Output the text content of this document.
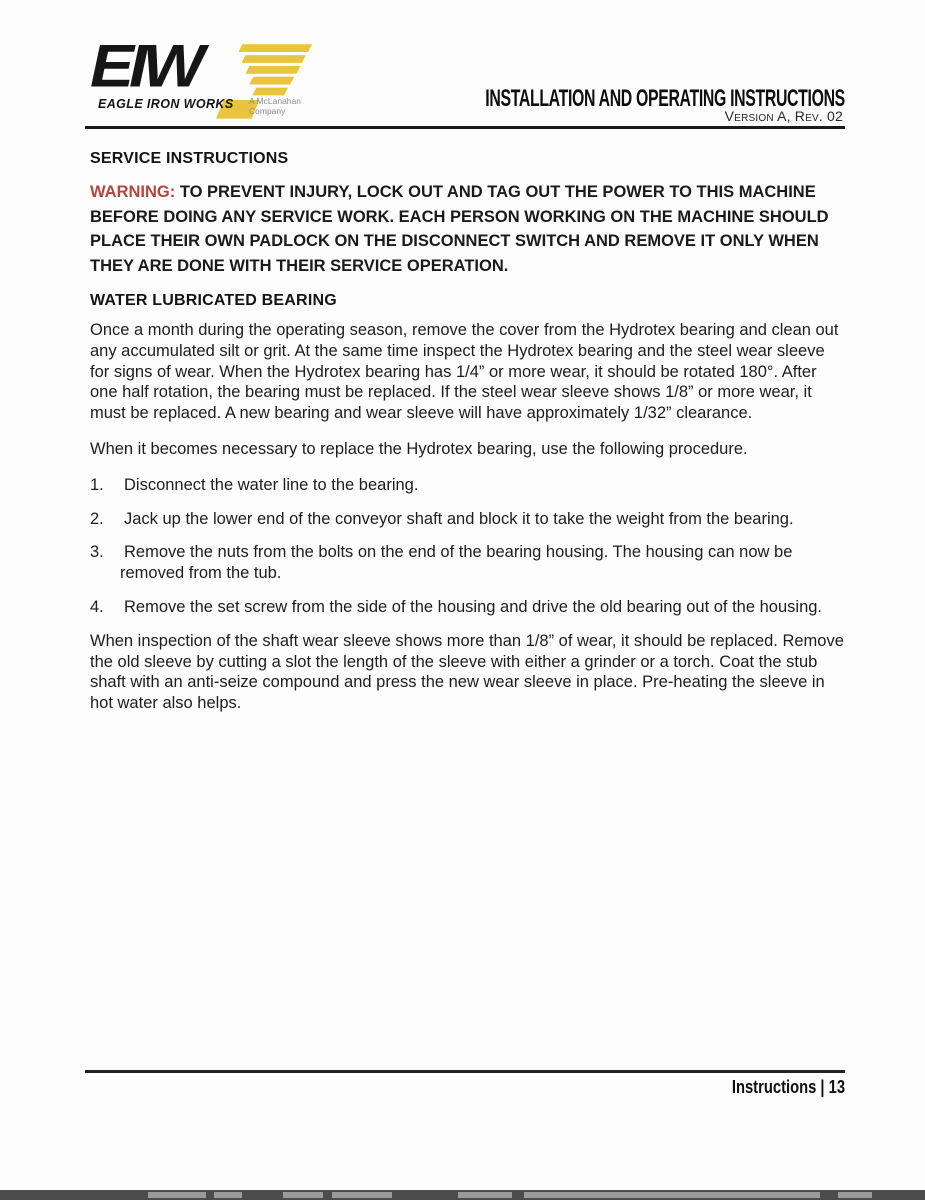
INSTALLATION AND OPERATING INSTRUCTIONS
Version A, Rev. 02
EIW
EAGLE IRON WORKS A McLanahan
Company
SERVICE INSTRUCTIONS

WARNING: TO PREVENT INJURY, LOCK OUT AND TAG OUT THE POWER TO THIS MACHINE BEFORE DOING ANY SERVICE WORK. EACH PERSON WORKING ON THE MACHINE SHOULD PLACE THEIR OWN PADLOCK ON THE DISCONNECT SWITCH AND REMOVE IT ONLY WHEN THEY ARE DONE WITH THEIR SERVICE OPERATION.

WATER LUBRICATED BEARING

Once a month during the operating season, remove the cover from the Hydrotex bearing and clean out any accumulated silt or grit. At the same time inspect the Hydrotex bearing and the steel wear sleeve for signs of wear. When the Hydrotex bearing has 1/4” or more wear, it should be rotated 180°. After one half rotation, the bearing must be replaced. If the steel wear sleeve shows 1/8” or more wear, it must be replaced. A new bearing and wear sleeve will have approximately 1/32” clearance.

When it becomes necessary to replace the Hydrotex bearing, use the following procedure.

1.	Disconnect the water line to the bearing.
2.	Jack up the lower end of the conveyor shaft and block it to take the weight from the bearing.
3.	Remove the nuts from the bolts on the end of the bearing housing. The housing can now be removed from the tub.
4.	Remove the set screw from the side of the housing and drive the old bearing out of the housing.

When inspection of the shaft wear sleeve shows more than 1/8” of wear, it should be replaced. Remove the old sleeve by cutting a slot the length of the sleeve with either a grinder or a torch. Coat the stub shaft with an anti-seize compound and press the new wear sleeve in place. Pre-heating the sleeve in hot water also helps.

Instructions | 13
